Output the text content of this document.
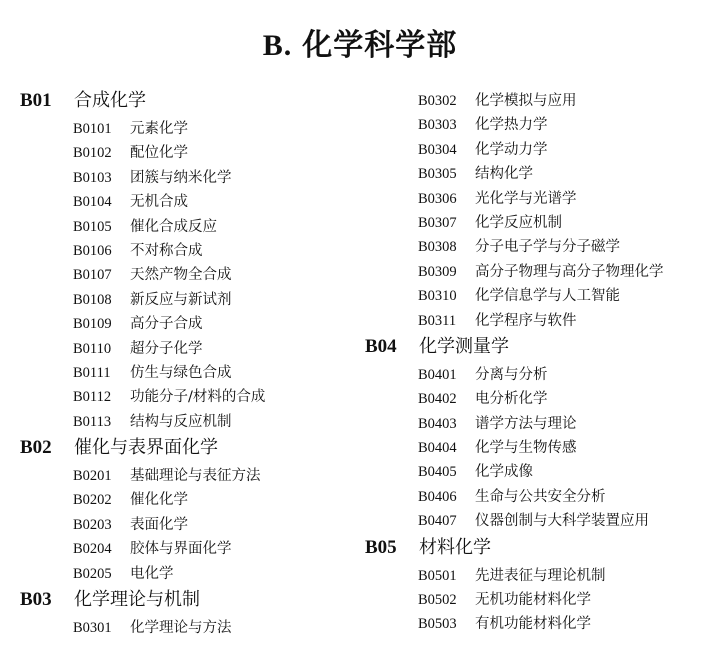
B. 化学科学部
B01 合成化学
B0101 元素化学
B0102 配位化学
B0103 团簇与纳米化学
B0104 无机合成
B0105 催化合成反应
B0106 不对称合成
B0107 天然产物全合成
B0108 新反应与新试剂
B0109 高分子合成
B0110 超分子化学
B0111 仿生与绿色合成
B0112 功能分子/材料的合成
B0113 结构与反应机制
B02 催化与表界面化学
B0201 基础理论与表征方法
B0202 催化化学
B0203 表面化学
B0204 胶体与界面化学
B0205 电化学
B03 化学理论与机制
B0301 化学理论与方法
B0302 化学模拟与应用
B0303 化学热力学
B0304 化学动力学
B0305 结构化学
B0306 光化学与光谱学
B0307 化学反应机制
B0308 分子电子学与分子磁学
B0309 高分子物理与高分子物理化学
B0310 化学信息学与人工智能
B0311 化学程序与软件
B04 化学测量学
B0401 分离与分析
B0402 电分析化学
B0403 谱学方法与理论
B0404 化学与生物传感
B0405 化学成像
B0406 生命与公共安全分析
B0407 仪器创制与大科学装置应用
B05 材料化学
B0501 先进表征与理论机制
B0502 无机功能材料化学
B0503 有机功能材料化学
